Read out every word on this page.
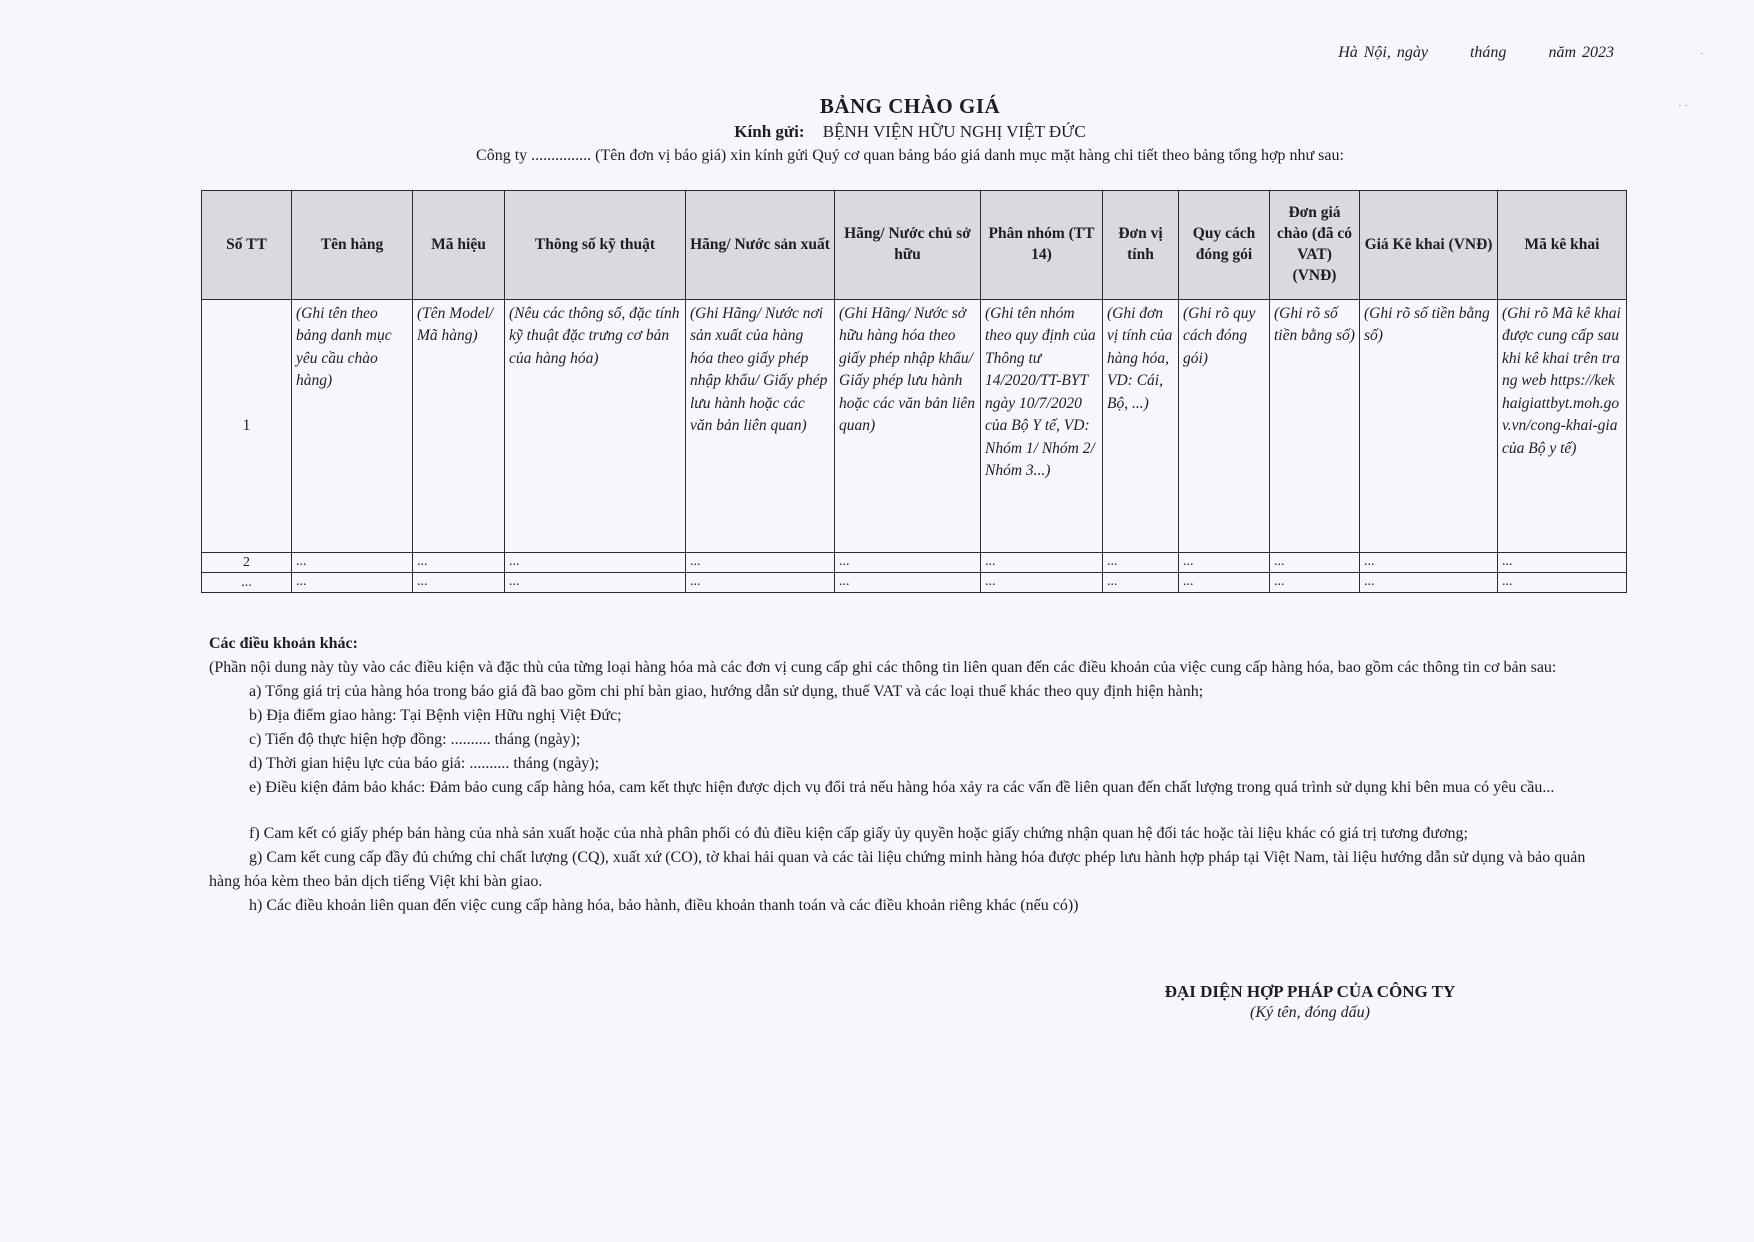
Hà Nội, ngày	tháng	năm 2023
BẢNG CHÀO GIÁ
Kính gửi: BỆNH VIỆN HỮU NGHỊ VIỆT ĐỨC
Công ty ............... (Tên đơn vị báo giá) xin kính gửi Quý cơ quan bảng báo giá danh mục mặt hàng chi tiết theo bảng tổng hợp như sau:
Số TT	Tên hàng	Mã hiệu	Thông số kỹ thuật	Hãng/ Nước sản xuất	Hãng/ Nước chủ sở hữu	Phân nhóm (TT 14)	Đơn vị tính	Quy cách đóng gói	Đơn giá chào (đã có VAT) (VNĐ)	Giá Kê khai (VNĐ)	Mã kê khai
1	(Ghi tên theo bảng danh mục yêu cầu chào hàng)	(Tên Model/ Mã hàng)	(Nêu các thông số, đặc tính kỹ thuật đặc trưng cơ bản của hàng hóa)	(Ghi Hãng/ Nước nơi sản xuất của hàng hóa theo giấy phép nhập khẩu/ Giấy phép lưu hành hoặc các văn bản liên quan)	(Ghi Hãng/ Nước sở hữu hàng hóa theo giấy phép nhập khẩu/ Giấy phép lưu hành hoặc các văn bản liên quan)	(Ghi tên nhóm theo quy định của Thông tư 14/2020/TT-BYT ngày 10/7/2020 của Bộ Y tế, VD: Nhóm 1/ Nhóm 2/ Nhóm 3...)	(Ghi đơn vị tính của hàng hóa, VD: Cái, Bộ, ...)	(Ghi rõ quy cách đóng gói)	(Ghi rõ số tiền bằng số)	(Ghi rõ số tiền bằng số)	(Ghi rõ Mã kê khai được cung cấp sau khi kê khai trên trang web https://kekhaigiattbyt.moh.gov.vn/cong-khai-gia của Bộ y tế)
2	...	...	...	...	...	...	...	...	...	...	...
...	...	...	...	...	...	...	...	...	...	...	...

Các điều khoản khác:

(Phần nội dung này tùy vào các điều kiện và đặc thù của từng loại hàng hóa mà các đơn vị cung cấp ghi các thông tin liên quan đến các điều khoản của việc cung cấp hàng hóa, bao gồm các thông tin cơ bản sau:

a) Tổng giá trị của hàng hóa trong báo giá đã bao gồm chi phí bàn giao, hướng dẫn sử dụng, thuế VAT và các loại thuế khác theo quy định hiện hành;

b) Địa điểm giao hàng: Tại Bệnh viện Hữu nghị Việt Đức;

c) Tiến độ thực hiện hợp đồng: .......... tháng (ngày);

d) Thời gian hiệu lực của báo giá: .......... tháng (ngày);

e) Điều kiện đảm bảo khác: Đảm bảo cung cấp hàng hóa, cam kết thực hiện được dịch vụ đổi trả nếu hàng hóa xảy ra các vấn đề liên quan đến chất lượng trong quá trình sử dụng khi bên mua có yêu cầu...

f) Cam kết có giấy phép bán hàng của nhà sản xuất hoặc của nhà phân phối có đủ điều kiện cấp giấy ủy quyền hoặc giấy chứng nhận quan hệ đối tác hoặc tài liệu khác có giá trị tương đương;

g) Cam kết cung cấp đầy đủ chứng chỉ chất lượng (CQ), xuất xứ (CO), tờ khai hải quan và các tài liệu chứng minh hàng hóa được phép lưu hành hợp pháp tại Việt Nam, tài liệu hướng dẫn sử dụng và bảo quản hàng hóa kèm theo bản dịch tiếng Việt khi bàn giao.

h) Các điều khoản liên quan đến việc cung cấp hàng hóa, bảo hành, điều khoản thanh toán và các điều khoản riêng khác (nếu có))

ĐẠI DIỆN HỢP PHÁP CỦA CÔNG TY
(Ký tên, đóng dấu)
·
· ·
